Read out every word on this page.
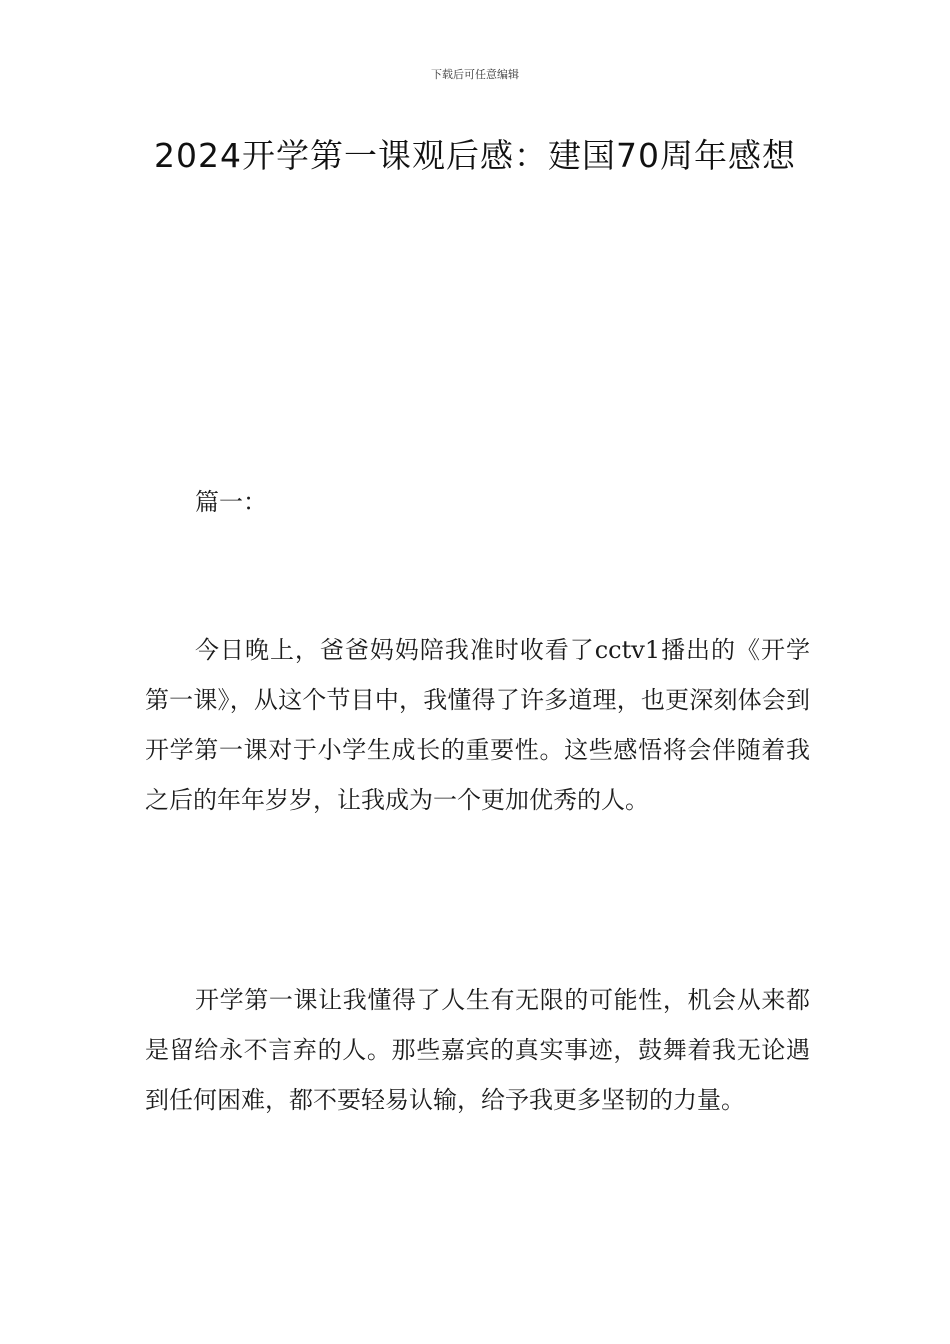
下载后可任意编辑
2024开学第一课观后感：建国70周年感想
篇一：

今日晚上，爸爸妈妈陪我准时收看了cctv1播出的《开学第一课》，从这个节目中，我懂得了许多道理，也更深刻体会到开学第一课对于小学生成长的重要性。这些感悟将会伴随着我之后的年年岁岁，让我成为一个更加优秀的人。

开学第一课让我懂得了人生有无限的可能性，机会从来都是留给永不言弃的人。那些嘉宾的真实事迹，鼓舞着我无论遇到任何困难，都不要轻易认输，给予我更多坚韧的力量。
